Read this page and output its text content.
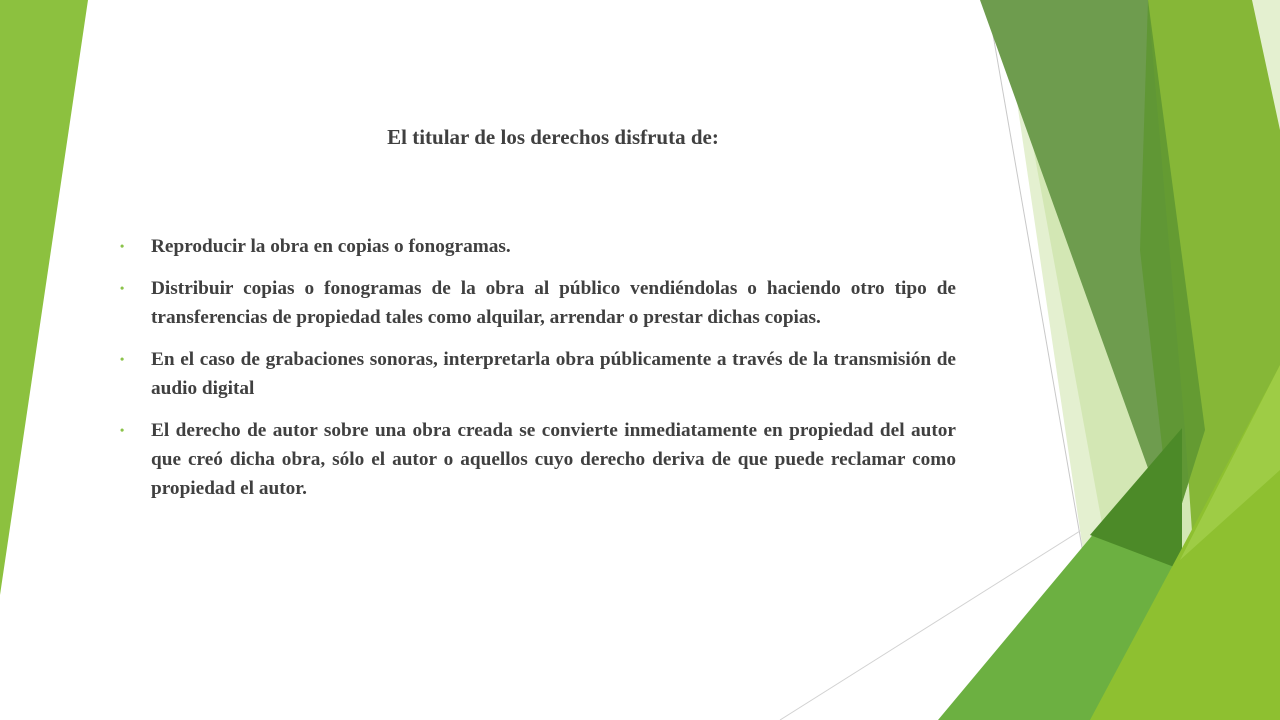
El titular de los derechos disfruta de:
• Reproducir la obra en copias o fonogramas.
• Distribuir copias o fonogramas de la obra al público vendiéndolas o haciendo otro tipo de transferencias de propiedad tales como alquilar, arrendar o prestar dichas copias.
• En el caso de grabaciones sonoras, interpretarla obra públicamente a través de la transmisión de audio digital
• El derecho de autor sobre una obra creada se convierte inmediatamente en propiedad del autor que creó dicha obra, sólo el autor o aquellos cuyo derecho deriva de que puede reclamar como propiedad el autor.
